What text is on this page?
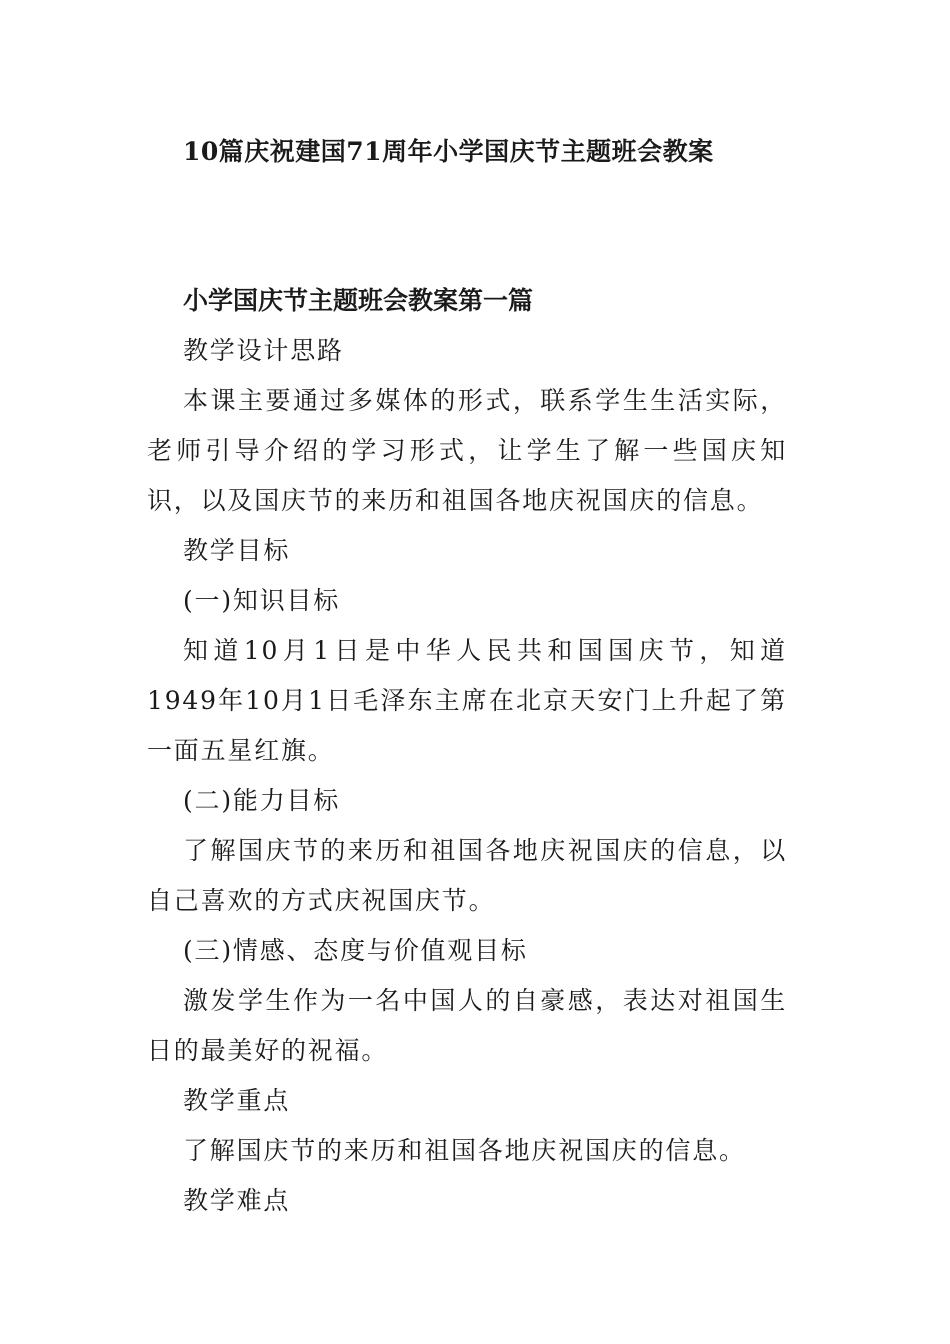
10篇庆祝建国71周年小学国庆节主题班会教案
小学国庆节主题班会教案第一篇

教学设计思路

本课主要通过多媒体的形式，联系学生生活实际，老师引导介绍的学习形式，让学生了解一些国庆知识，以及国庆节的来历和祖国各地庆祝国庆的信息。

教学目标

(一)知识目标

知道10月1日是中华人民共和国国庆节，知道1949年10月1日毛泽东主席在北京天安门上升起了第一面五星红旗。

(二)能力目标

了解国庆节的来历和祖国各地庆祝国庆的信息，以自己喜欢的方式庆祝国庆节。

(三)情感、态度与价值观目标

激发学生作为一名中国人的自豪感，表达对祖国生日的最美好的祝福。

教学重点

了解国庆节的来历和祖国各地庆祝国庆的信息。

教学难点
